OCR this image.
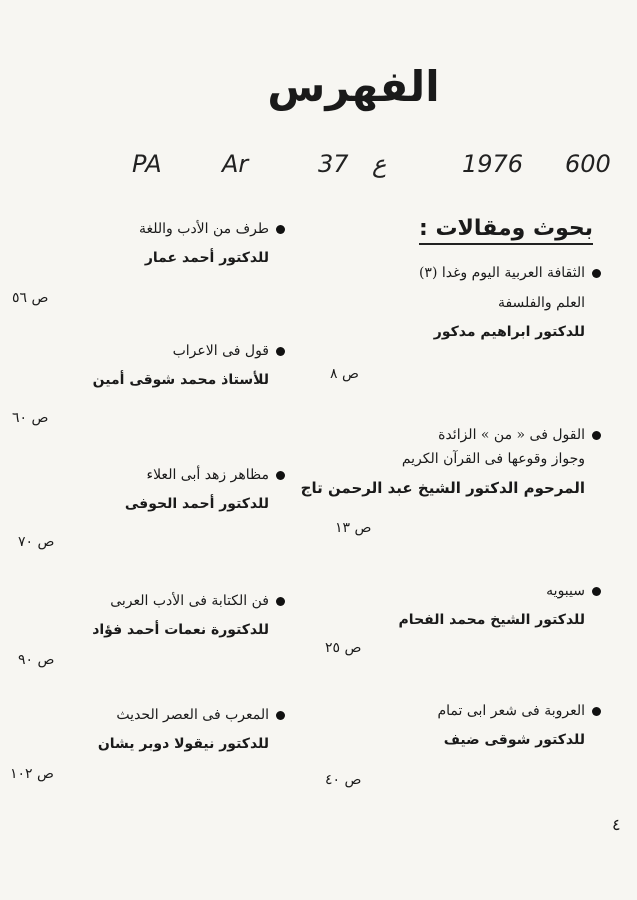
الفهرس
PA	Ar	37 ع	1976 600
بحوث ومقالات :
الثقافة العربية اليوم وغدا (٣)
العلم والفلسفة
للدكتور ابراهيم مدكور
ص ٨
القول فى « من » الزائدة
وجواز وقوعها فى القرآن الكريم
المرحوم الدكتور الشيخ عبد الرحمن تاج
ص ١٣
سيبويه
للدكتور الشيخ محمد الفحام
ص ٢٥
العروبة فى شعر ابى تمام
للدكتور شوقى ضيف
ص ٤٠
طرف من الأدب واللغة
للدكتور أحمد عمار
ص ٥٦
قول فى الاعراب
للأستاذ محمد شوقى أمين
ص ٦٠
مظاهر زهد أبى العلاء
للدكتور أحمد الحوفى
ص ٧٠
فن الكتابة فى الأدب العربى
للدكتورة نعمات أحمد فؤاد
ص ٩٠
المعرب فى العصر الحديث
للدكتور نيقولا دوبر يشان
ص ١٠٢
٤
